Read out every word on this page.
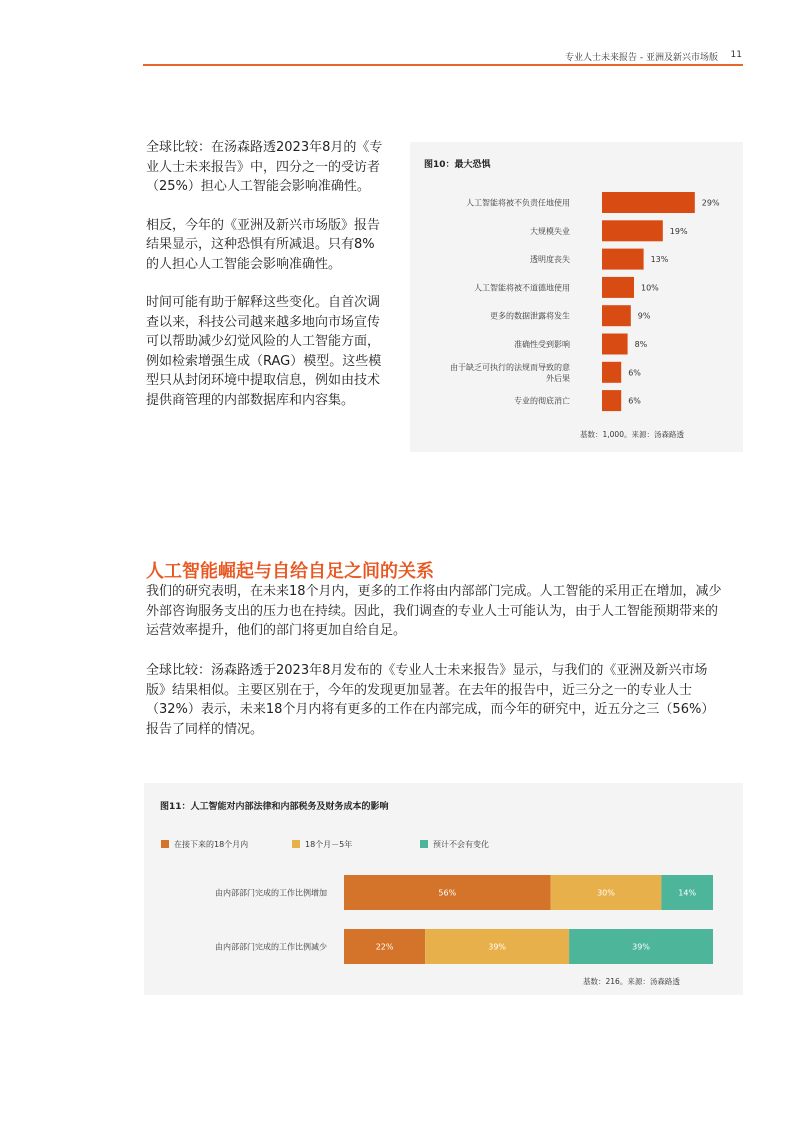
专业人士未来报告 - 亚洲及新兴市场版 11

全球比较：在汤森路透2023年8月的《专业人士未来报告》中，四分之一的受访者（25%）担心人工智能会影响准确性。

相反，今年的《亚洲及新兴市场版》报告结果显示，这种恐惧有所减退。只有8%的人担心人工智能会影响准确性。

时间可能有助于解释这些变化。自首次调查以来，科技公司越来越多地向市场宣传可以帮助减少幻觉风险的人工智能方面，例如检索增强生成（RAG）模型。这些模型只从封闭环境中提取信息，例如由技术提供商管理的内部数据库和内容集。

图10：最大恐惧
29%
人工智能将被不负责任地使用
19%
大规模失业
13%
透明度丧失
10%
人工智能将被不道德地使用
9%
更多的数据泄露将发生
8%
准确性受到影响
6%
由于缺乏可执行的法规而导致的意
外后果
6%
专业的彻底消亡
基数：1,000。来源：汤森路透
人工智能崛起与自给自足之间的关系

我们的研究表明，在未来18个月内，更多的工作将由内部部门完成。人工智能的采用正在增加，减少外部咨询服务支出的压力也在持续。因此，我们调查的专业人士可能认为，由于人工智能预期带来的运营效率提升，他们的部门将更加自给自足。

全球比较：汤森路透于2023年8月发布的《专业人士未来报告》显示，与我们的《亚洲及新兴市场版》结果相似。主要区别在于，今年的发现更加显著。在去年的报告中，近三分之一的专业人士（32%）表示，未来18个月内将有更多的工作在内部完成，而今年的研究中，近五分之三（56%）报告了同样的情况。

图11：人工智能对内部法律和内部税务及财务成本的影响
在接下来的18个月内	18个月－5年	预计不会有变化
由内部部门完成的工作比例增加	56%	30%	14%
由内部部门完成的工作比例减少	22%	39%	39%
基数：216。来源：汤森路透
